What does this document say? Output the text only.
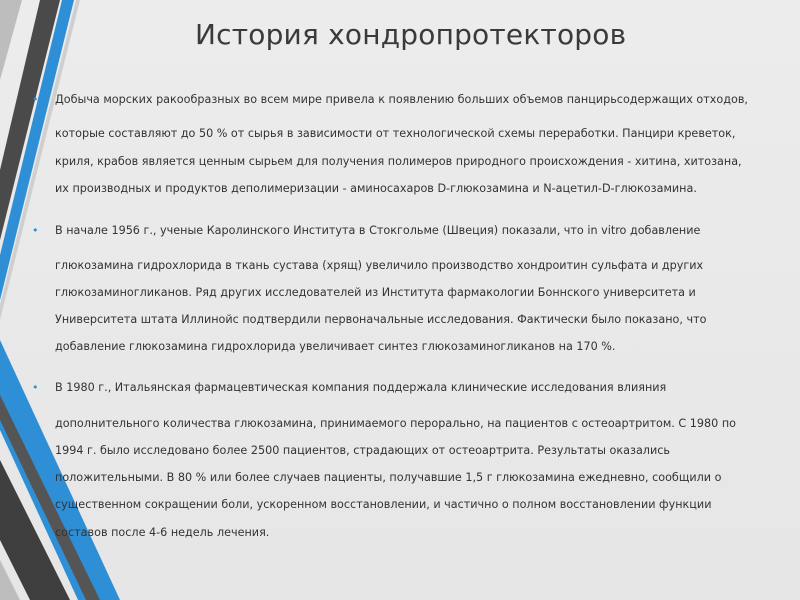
История хондропротекторов
• Добыча морских ракообразных во всем мире привела к появлению больших объемов панцирьсодержащих отходов,
которые составляют до 50 % от сырья в зависимости от технологической схемы переработки. Панцири креветок,
криля, крабов является ценным сырьем для получения полимеров природного происхождения - хитина, хитозана,
их производных и продуктов деполимеризации - аминосахаров D-глюкозамина и N-ацетил-D-глюкозамина.
• В начале 1956 г., ученые Каролинского Института в Стокгольме (Швеция) показали, что in vitro добавление
глюкозамина гидрохлорида в ткань сустава (хрящ) увеличило производство хондроитин сульфата и других
глюкозаминогликанов. Ряд других исследователей из Института фармакологии Боннского университета и
Университета штата Иллинойс подтвердили первоначальные исследования. Фактически было показано, что
добавление глюкозамина гидрохлорида увеличивает синтез глюкозаминогликанов на 170 %.
• В 1980 г., Итальянская фармацевтическая компания поддержала клинические исследования влияния
дополнительного количества глюкозамина, принимаемого перорально, на пациентов с остеоартритом. С 1980 по
1994 г. было исследовано более 2500 пациентов, страдающих от остеоартрита. Результаты оказались
положительными. В 80 % или более случаев пациенты, получавшие 1,5 г глюкозамина ежедневно, сообщили о
существенном сокращении боли, ускоренном восстановлении, и частично о полном восстановлении функции
составов после 4-6 недель лечения.
